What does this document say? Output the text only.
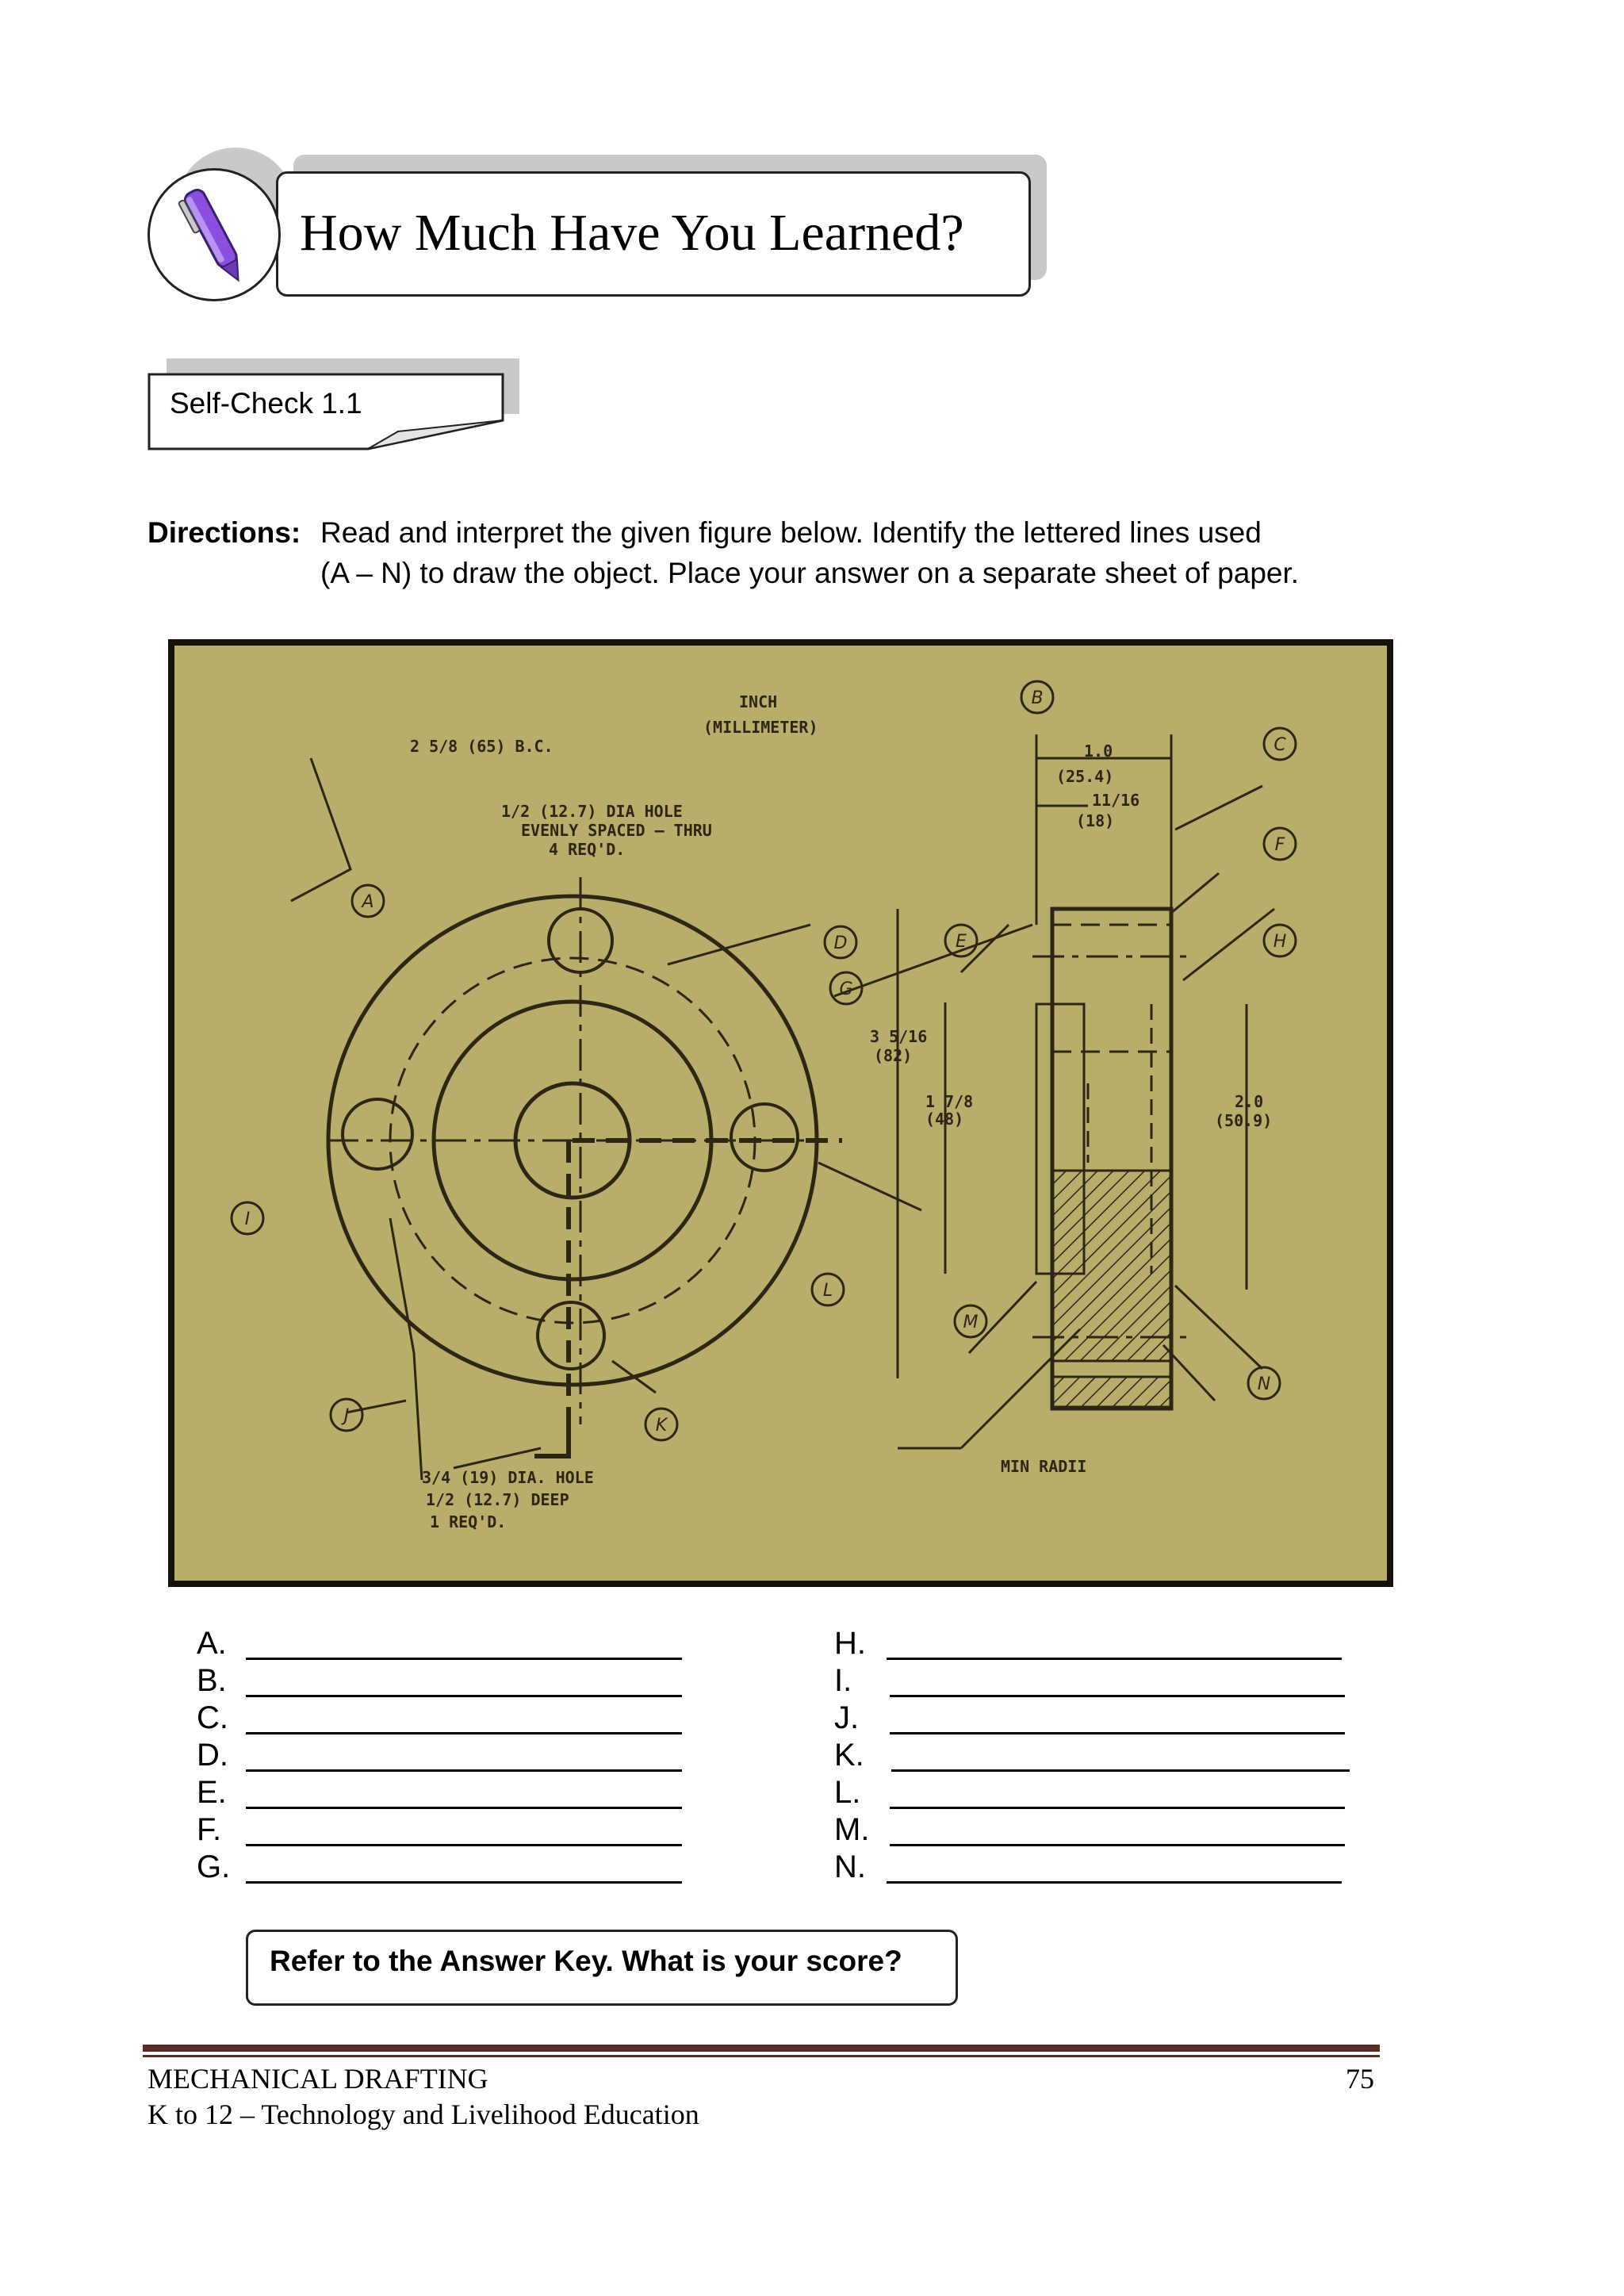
How Much Have You Learned?
Self-Check 1.1
Directions: Read and interpret the given figure below. Identify the lettered lines used
(A – N) to draw the object. Place your answer on a separate sheet of paper.
INCH
(MILLIMETER)
2 5/8 (65) B.C.
1/2 (12.7) DIA HOLE
EVENLY SPACED – THRU
4 REQ'D.
3/4 (19) DIA. HOLE
1/2 (12.7) DEEP
1 REQ'D.
1.0
(25.4)
11/16
(18)
3 5/16
(82)
1 7/8
(48)
2.0
(50.9)
MIN RADII
A
B
C
D	E
F
G
H
I
J	K
L
M
N
A.
B.
C.
D.
E.
F.
G.
H.
I.
J.
K.
L.
M.
N.
Refer to the Answer Key. What is your score?
MECHANICAL DRAFTING
K to 12 – Technology and Livelihood Education
75
